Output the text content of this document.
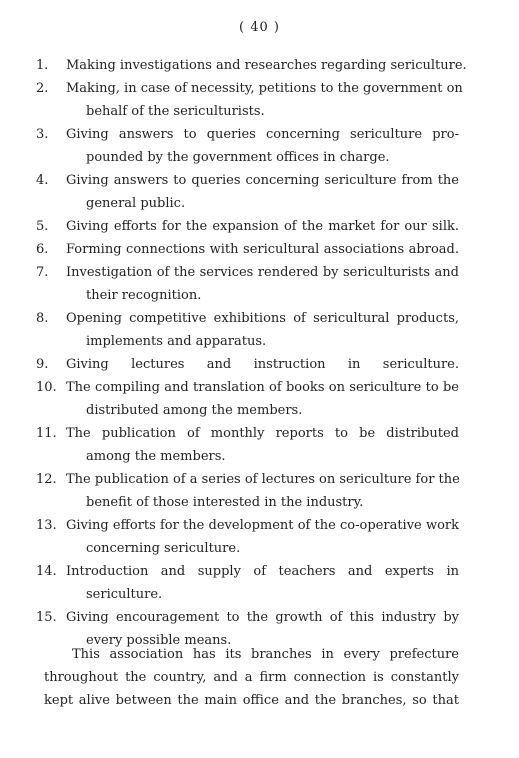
( 40 )
1.	Making investigations and researches regarding sericulture.
2.	Making, in case of necessity, petitions to the government on
behalf of the sericulturists.
3.	Giving answers to queries concerning sericulture pro-
pounded by the government offices in charge.
4.	Giving answers to queries concerning sericulture from the
general public.
5.	Giving efforts for the expansion of the market for our silk.
6.	Forming connections with sericultural associations abroad.
7.	Investigation of the services rendered by sericulturists and
their recognition.
8.	Opening competitive exhibitions of sericultural products,
implements and apparatus.
9.	Giving lectures and instruction in sericulture.
10. The compiling and translation of books on sericulture to be
distributed among the members.
11. The publication of monthly reports to be distributed
among the members.
12. The publication of a series of lectures on sericulture for the
benefit of those interested in the industry.
13. Giving efforts for the development of the co-operative work
concerning sericulture.
14. Introduction and supply of teachers and experts in
sericulture.
15. Giving encouragement to the growth of this industry by
every possible means.
This association has its branches in every prefecture
throughout the country, and a firm connection is constantly
kept alive between the main office and the branches, so that
